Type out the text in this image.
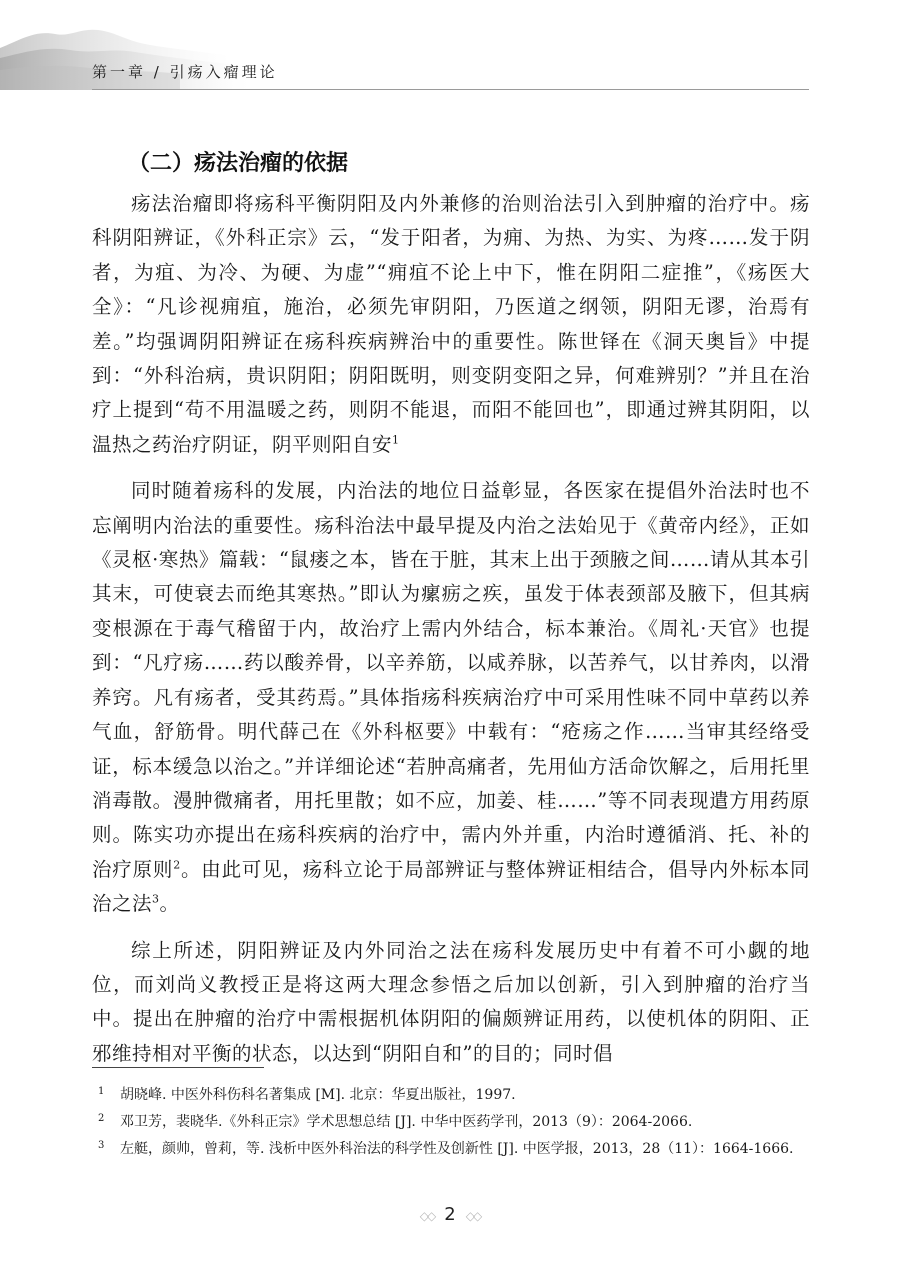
第一章 / 引疡入瘤理论
（二）疡法治瘤的依据

疡法治瘤即将疡科平衡阴阳及内外兼修的治则治法引入到肿瘤的治疗中。疡科阴阳辨证，《外科正宗》云，“发于阳者，为痈、为热、为实、为疼……发于阴者，为疽、为冷、为硬、为虚”“痈疽不论上中下，惟在阴阳二症推”，《疡医大全》：“凡诊视痈疽，施治，必须先审阴阳，乃医道之纲领，阴阳无谬，治焉有差。”均强调阴阳辨证在疡科疾病辨治中的重要性。陈世铎在《洞天奥旨》中提到：“外科治病，贵识阴阳；阴阳既明，则变阴变阳之异，何难辨别？”并且在治疗上提到“苟不用温暖之药，则阴不能退，而阳不能回也”，即通过辨其阴阳，以温热之药治疗阴证，阴平则阳自安$^1$

同时随着疡科的发展，内治法的地位日益彰显，各医家在提倡外治法时也不忘阐明内治法的重要性。疡科治法中最早提及内治之法始见于《黄帝内经》，正如《灵枢·寒热》篇载：“鼠瘘之本，皆在于脏，其末上出于颈腋之间……请从其本引其末，可使衰去而绝其寒热。”即认为瘰疬之疾，虽发于体表颈部及腋下，但其病变根源在于毒气稽留于内，故治疗上需内外结合，标本兼治。《周礼·天官》也提到：“凡疗疡……药以酸养骨，以辛养筋，以咸养脉，以苦养气，以甘养肉，以滑养窍。凡有疡者，受其药焉。”具体指疡科疾病治疗中可采用性味不同中草药以养气血，舒筋骨。明代薛己在《外科枢要》中载有：“疮疡之作……当审其经络受证，标本缓急以治之。”并详细论述“若肿高痛者，先用仙方活命饮解之，后用托里消毒散。漫肿微痛者，用托里散；如不应，加姜、桂……”等不同表现遣方用药原则。陈实功亦提出在疡科疾病的治疗中，需内外并重，内治时遵循消、托、补的治疗原则$^2$。由此可见，疡科立论于局部辨证与整体辨证相结合，倡导内外标本同治之法$^3$。

综上所述，阴阳辨证及内外同治之法在疡科发展历史中有着不可小觑的地位，而刘尚义教授正是将这两大理念参悟之后加以创新，引入到肿瘤的治疗当中。提出在肿瘤的治疗中需根据机体阴阳的偏颇辨证用药，以使机体的阴阳、正邪维持相对平衡的状态，以达到“阴阳自和”的目的；同时倡

1 胡晓峰. 中医外科伤科名著集成 [M]. 北京：华夏出版社，1997.
2 邓卫芳，裴晓华.《外科正宗》学术思想总结 [J]. 中华中医药学刊，2013（9）：2064-2066.
3 左艇，颜帅，曾莉，等. 浅析中医外科治法的科学性及创新性 [J]. 中医学报，2013，28（11）：1664-1666.
◇◇ 2 ◇◇
